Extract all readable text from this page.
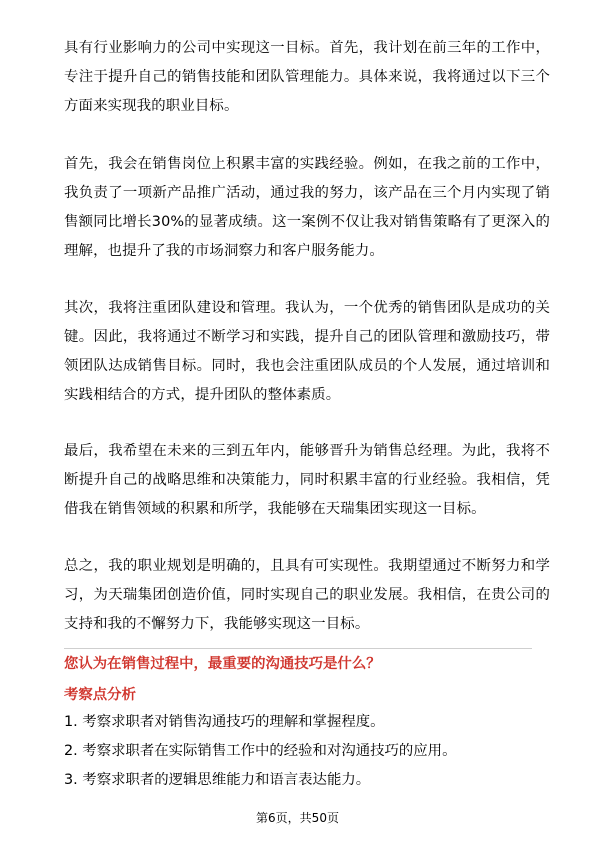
具有行业影响力的公司中实现这一目标。首先，我计划在前三年的工作中，专注于提升自己的销售技能和团队管理能力。具体来说，我将通过以下三个方面来实现我的职业目标。

首先，我会在销售岗位上积累丰富的实践经验。例如，在我之前的工作中，我负责了一项新产品推广活动，通过我的努力，该产品在三个月内实现了销售额同比增长30%的显著成绩。这一案例不仅让我对销售策略有了更深入的理解，也提升了我的市场洞察力和客户服务能力。

其次，我将注重团队建设和管理。我认为，一个优秀的销售团队是成功的关键。因此，我将通过不断学习和实践，提升自己的团队管理和激励技巧，带领团队达成销售目标。同时，我也会注重团队成员的个人发展，通过培训和实践相结合的方式，提升团队的整体素质。

最后，我希望在未来的三到五年内，能够晋升为销售总经理。为此，我将不断提升自己的战略思维和决策能力，同时积累丰富的行业经验。我相信，凭借我在销售领域的积累和所学，我能够在天瑞集团实现这一目标。

总之，我的职业规划是明确的，且具有可实现性。我期望通过不断努力和学习，为天瑞集团创造价值，同时实现自己的职业发展。我相信，在贵公司的支持和我的不懈努力下，我能够实现这一目标。

您认为在销售过程中，最重要的沟通技巧是什么？

考察点分析

1. 考察求职者对销售沟通技巧的理解和掌握程度。
2. 考察求职者在实际销售工作中的经验和对沟通技巧的应用。
3. 考察求职者的逻辑思维能力和语言表达能力。
第6页，共50页
